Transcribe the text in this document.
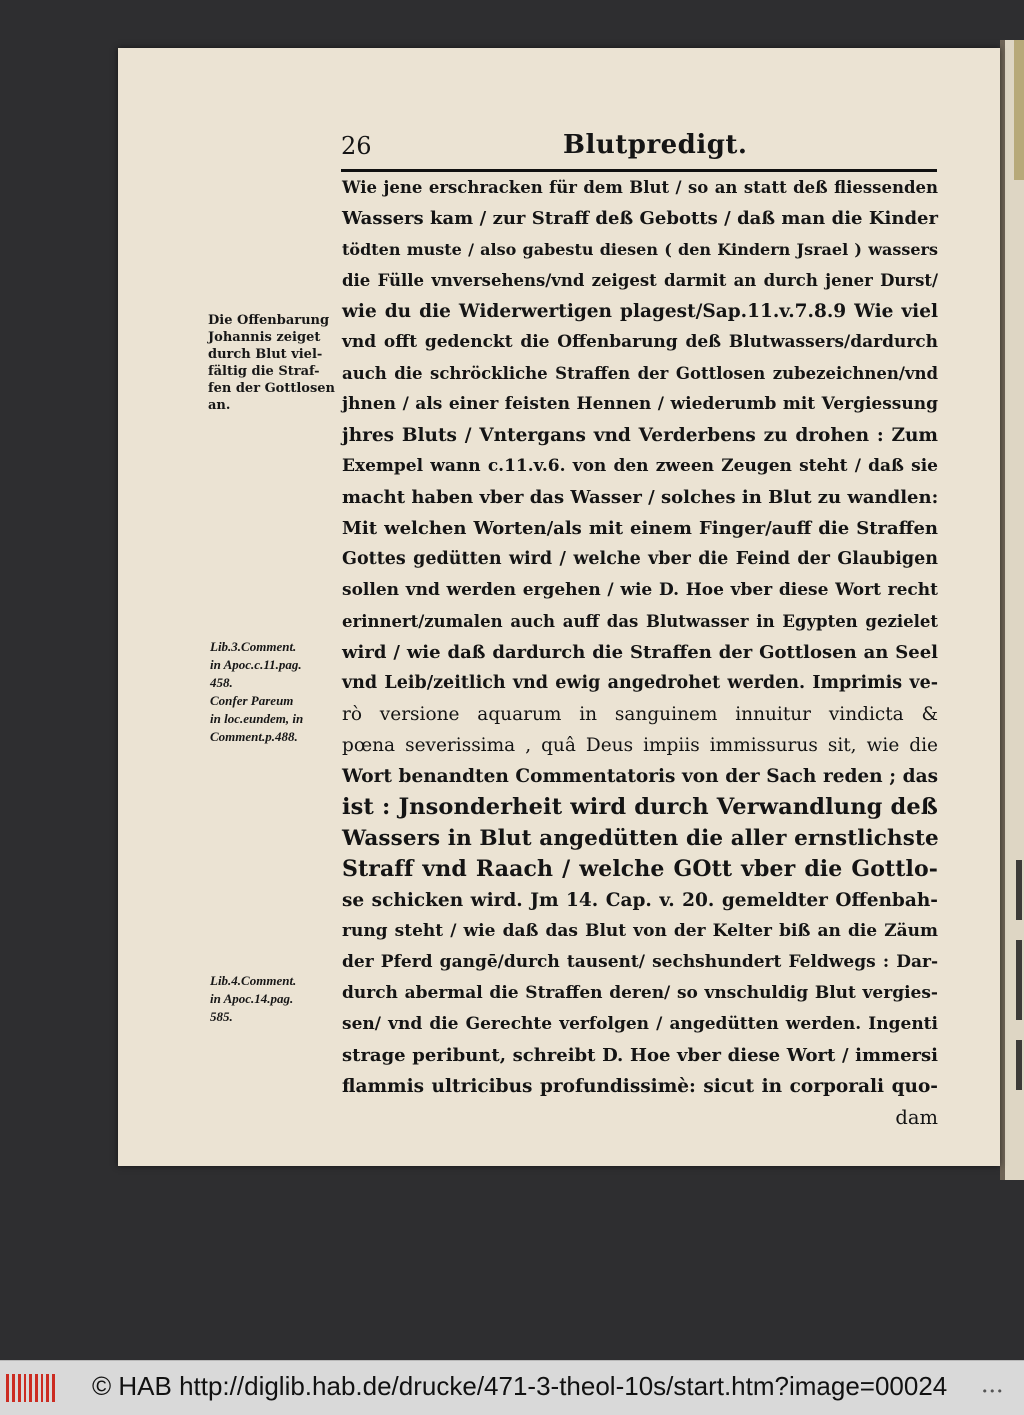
26	Blutpredigt.
Wie jene erschracken für dem Blut / so an statt deß fliessenden
Wassers kam / zur Straff deß Gebotts / daß man die Kinder
tödten muste / also gabestu diesen ( den Kindern Jsrael ) wassers
die Fülle vnversehens/vnd zeigest darmit an durch jener Durst/
wie du die Widerwertigen plagest/Sap.11.v.7.8.9 Wie viel
vnd offt gedenckt die Offenbarung deß Blutwassers/dardurch
auch die schröckliche Straffen der Gottlosen zubezeichnen/vnd
jhnen / als einer feisten Hennen / wiederumb mit Vergiessung
jhres Bluts / Vntergans vnd Verderbens zu drohen : Zum
Exempel wann c.11.v.6. von den zween Zeugen steht / daß sie
macht haben vber das Wasser / solches in Blut zu wandlen:
Mit welchen Worten/als mit einem Finger/auff die Straffen
Gottes gedütten wird / welche vber die Feind der Glaubigen
sollen vnd werden ergehen / wie D. Hoe vber diese Wort recht
erinnert/zumalen auch auff das Blutwasser in Egypten gezielet
wird / wie daß dardurch die Straffen der Gottlosen an Seel
vnd Leib/zeitlich vnd ewig angedrohet werden. Imprimis ve-
rò versione aquarum in sanguinem innuitur vindicta &
pœna severissima , quâ Deus impiis immissurus sit, wie die
Wort benandten Commentatoris von der Sach reden ; das
ist : Jnsonderheit wird durch Verwandlung deß
Wassers in Blut angedütten die aller ernstlichste
Straff vnd Raach / welche GOtt vber die Gottlo-
se schicken wird. Jm 14. Cap. v. 20. gemeldter Offenbah-
rung steht / wie daß das Blut von der Kelter biß an die Zäum
der Pferd gangē/durch tausent/ sechshundert Feldwegs : Dar-
durch abermal die Straffen deren/ so vnschuldig Blut vergies-
sen/ vnd die Gerechte verfolgen / angedütten werden. Ingenti
strage peribunt, schreibt D. Hoe vber diese Wort / immersi
flammis ultricibus profundissimè: sicut in corporali quo-
dam
Die Offenbarung
Johannis zeiget
durch Blut viel-
fältig die Straf-
fen der Gottlosen
an.
Lib.3.Comment.
in Apoc.c.11.pag.
458.
Confer Pareum
in loc.eundem, in
Comment.p.488.
Lib.4.Comment.
in Apoc.14.pag.
585.
© HAB http://diglib.hab.de/drucke/471-3-theol-10s/start.htm?image=00024	•••
